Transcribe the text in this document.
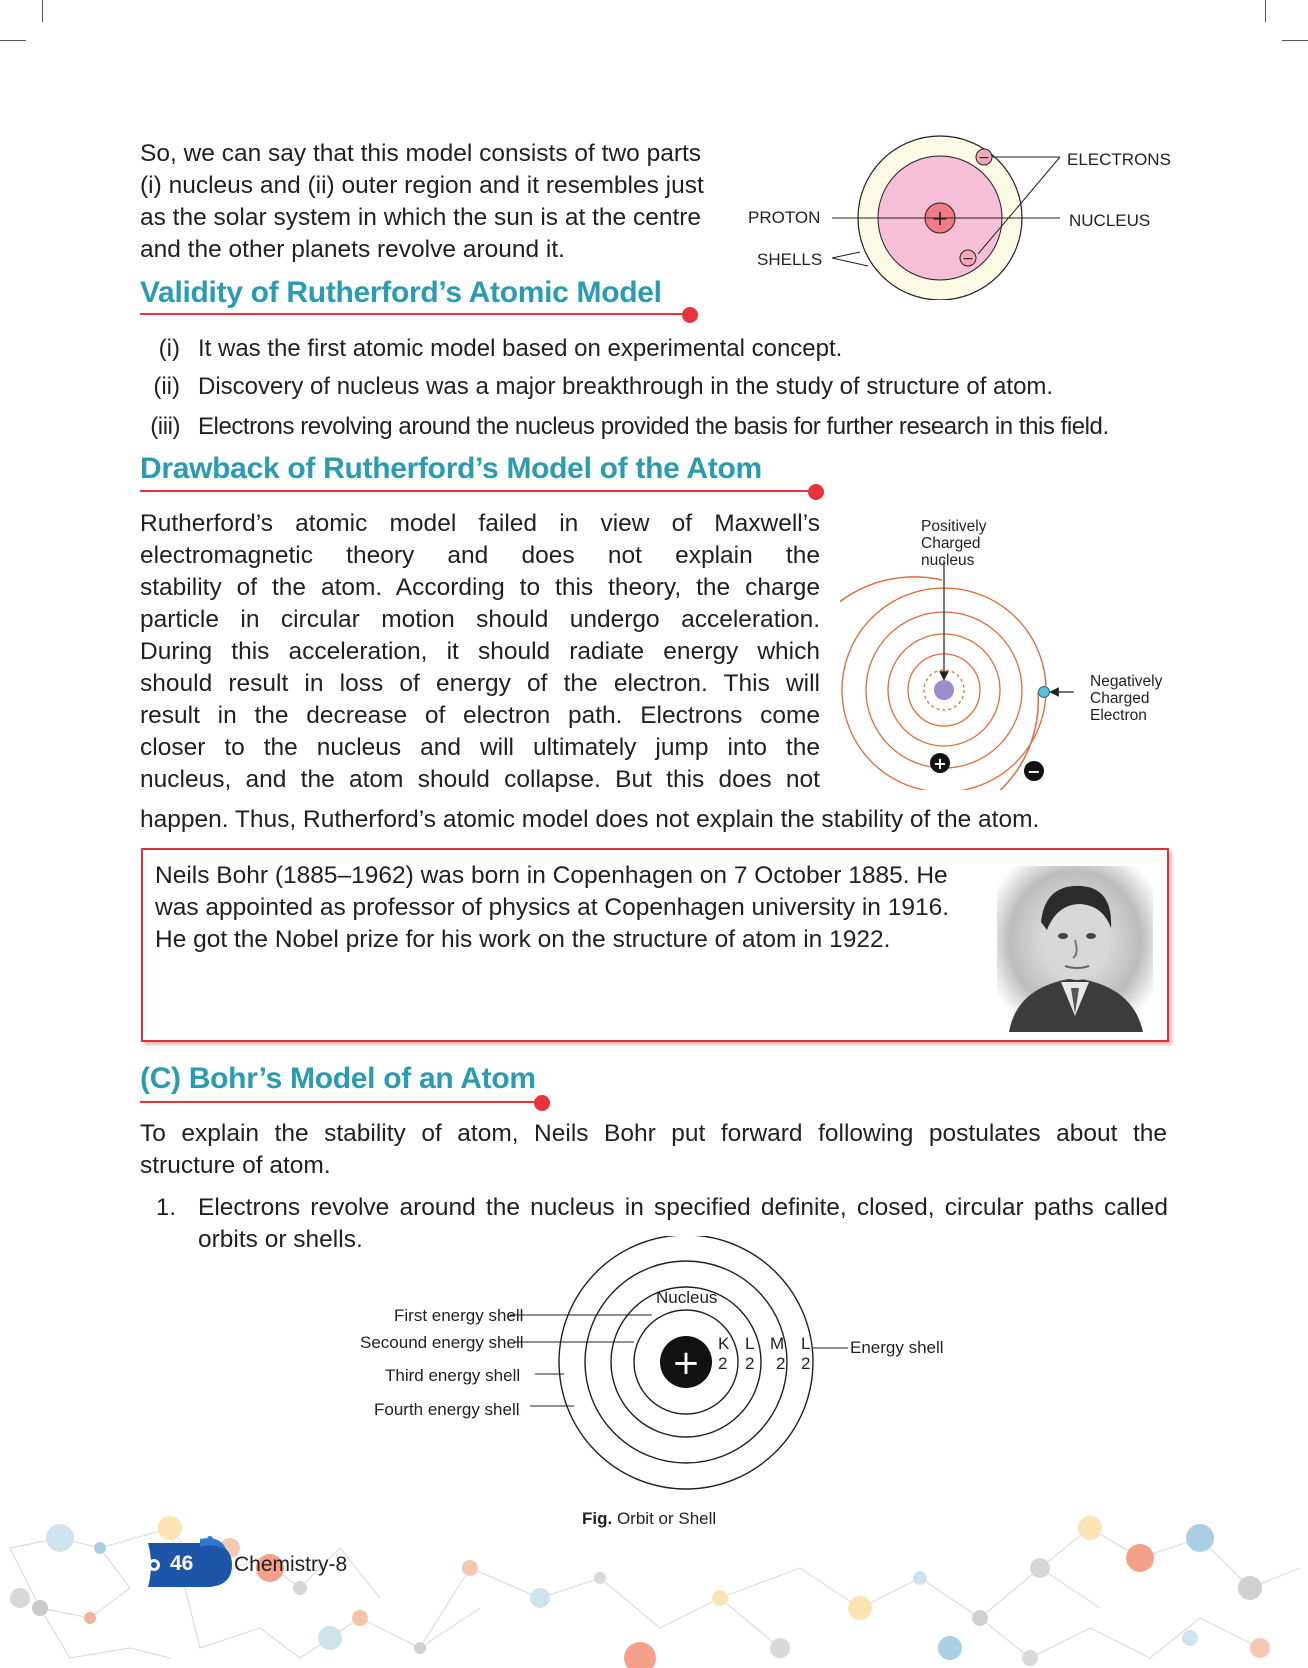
So, we can say that this model consists of two parts
(i) nucleus and (ii) outer region and it resembles just
as the solar system in which the sun is at the centre
and the other planets revolve around it.
+
−
−
ELECTRONS
NUCLEUS
PROTON
SHELLS
Validity of Rutherford’s Atomic Model
(i) It was the first atomic model based on experimental concept.
(ii) Discovery of nucleus was a major breakthrough in the study of structure of atom.
(iii) Electrons revolving around the nucleus provided the basis for further research in this field.
Drawback of Rutherford’s Model of the Atom
Rutherford’s atomic model failed in view of Maxwell’s
electromagnetic theory and does not explain the
stability of the atom. According to this theory, the charge
particle in circular motion should undergo acceleration.
During this acceleration, it should radiate energy which
should result in loss of energy of the electron. This will
result in the decrease of electron path. Electrons come
closer to the nucleus and will ultimately jump into the
nucleus, and the atom should collapse. But this does not
happen. Thus, Rutherford’s atomic model does not explain the stability of the atom.
+	−
Positively
Charged
nucleus
Negatively
Charged
Electron
Neils Bohr (1885–1962) was born in Copenhagen on 7 October 1885. He
was appointed as professor of physics at Copenhagen university in 1916.
He got the Nobel prize for his work on the structure of atom in 1922.
(C) Bohr’s Model of an Atom
To explain the stability of atom, Neils Bohr put forward following postulates about the
structure of atom.
1. Electrons revolve around the nucleus in specified definite, closed, circular paths called
orbits or shells.
+
Nucleus
First energy shell
Secound energy shell
Third energy shell
Fourth energy shell
Energy shell
K L M L
2 2 2 2
Fig. Orbit or Shell
46 Chemistry-8
